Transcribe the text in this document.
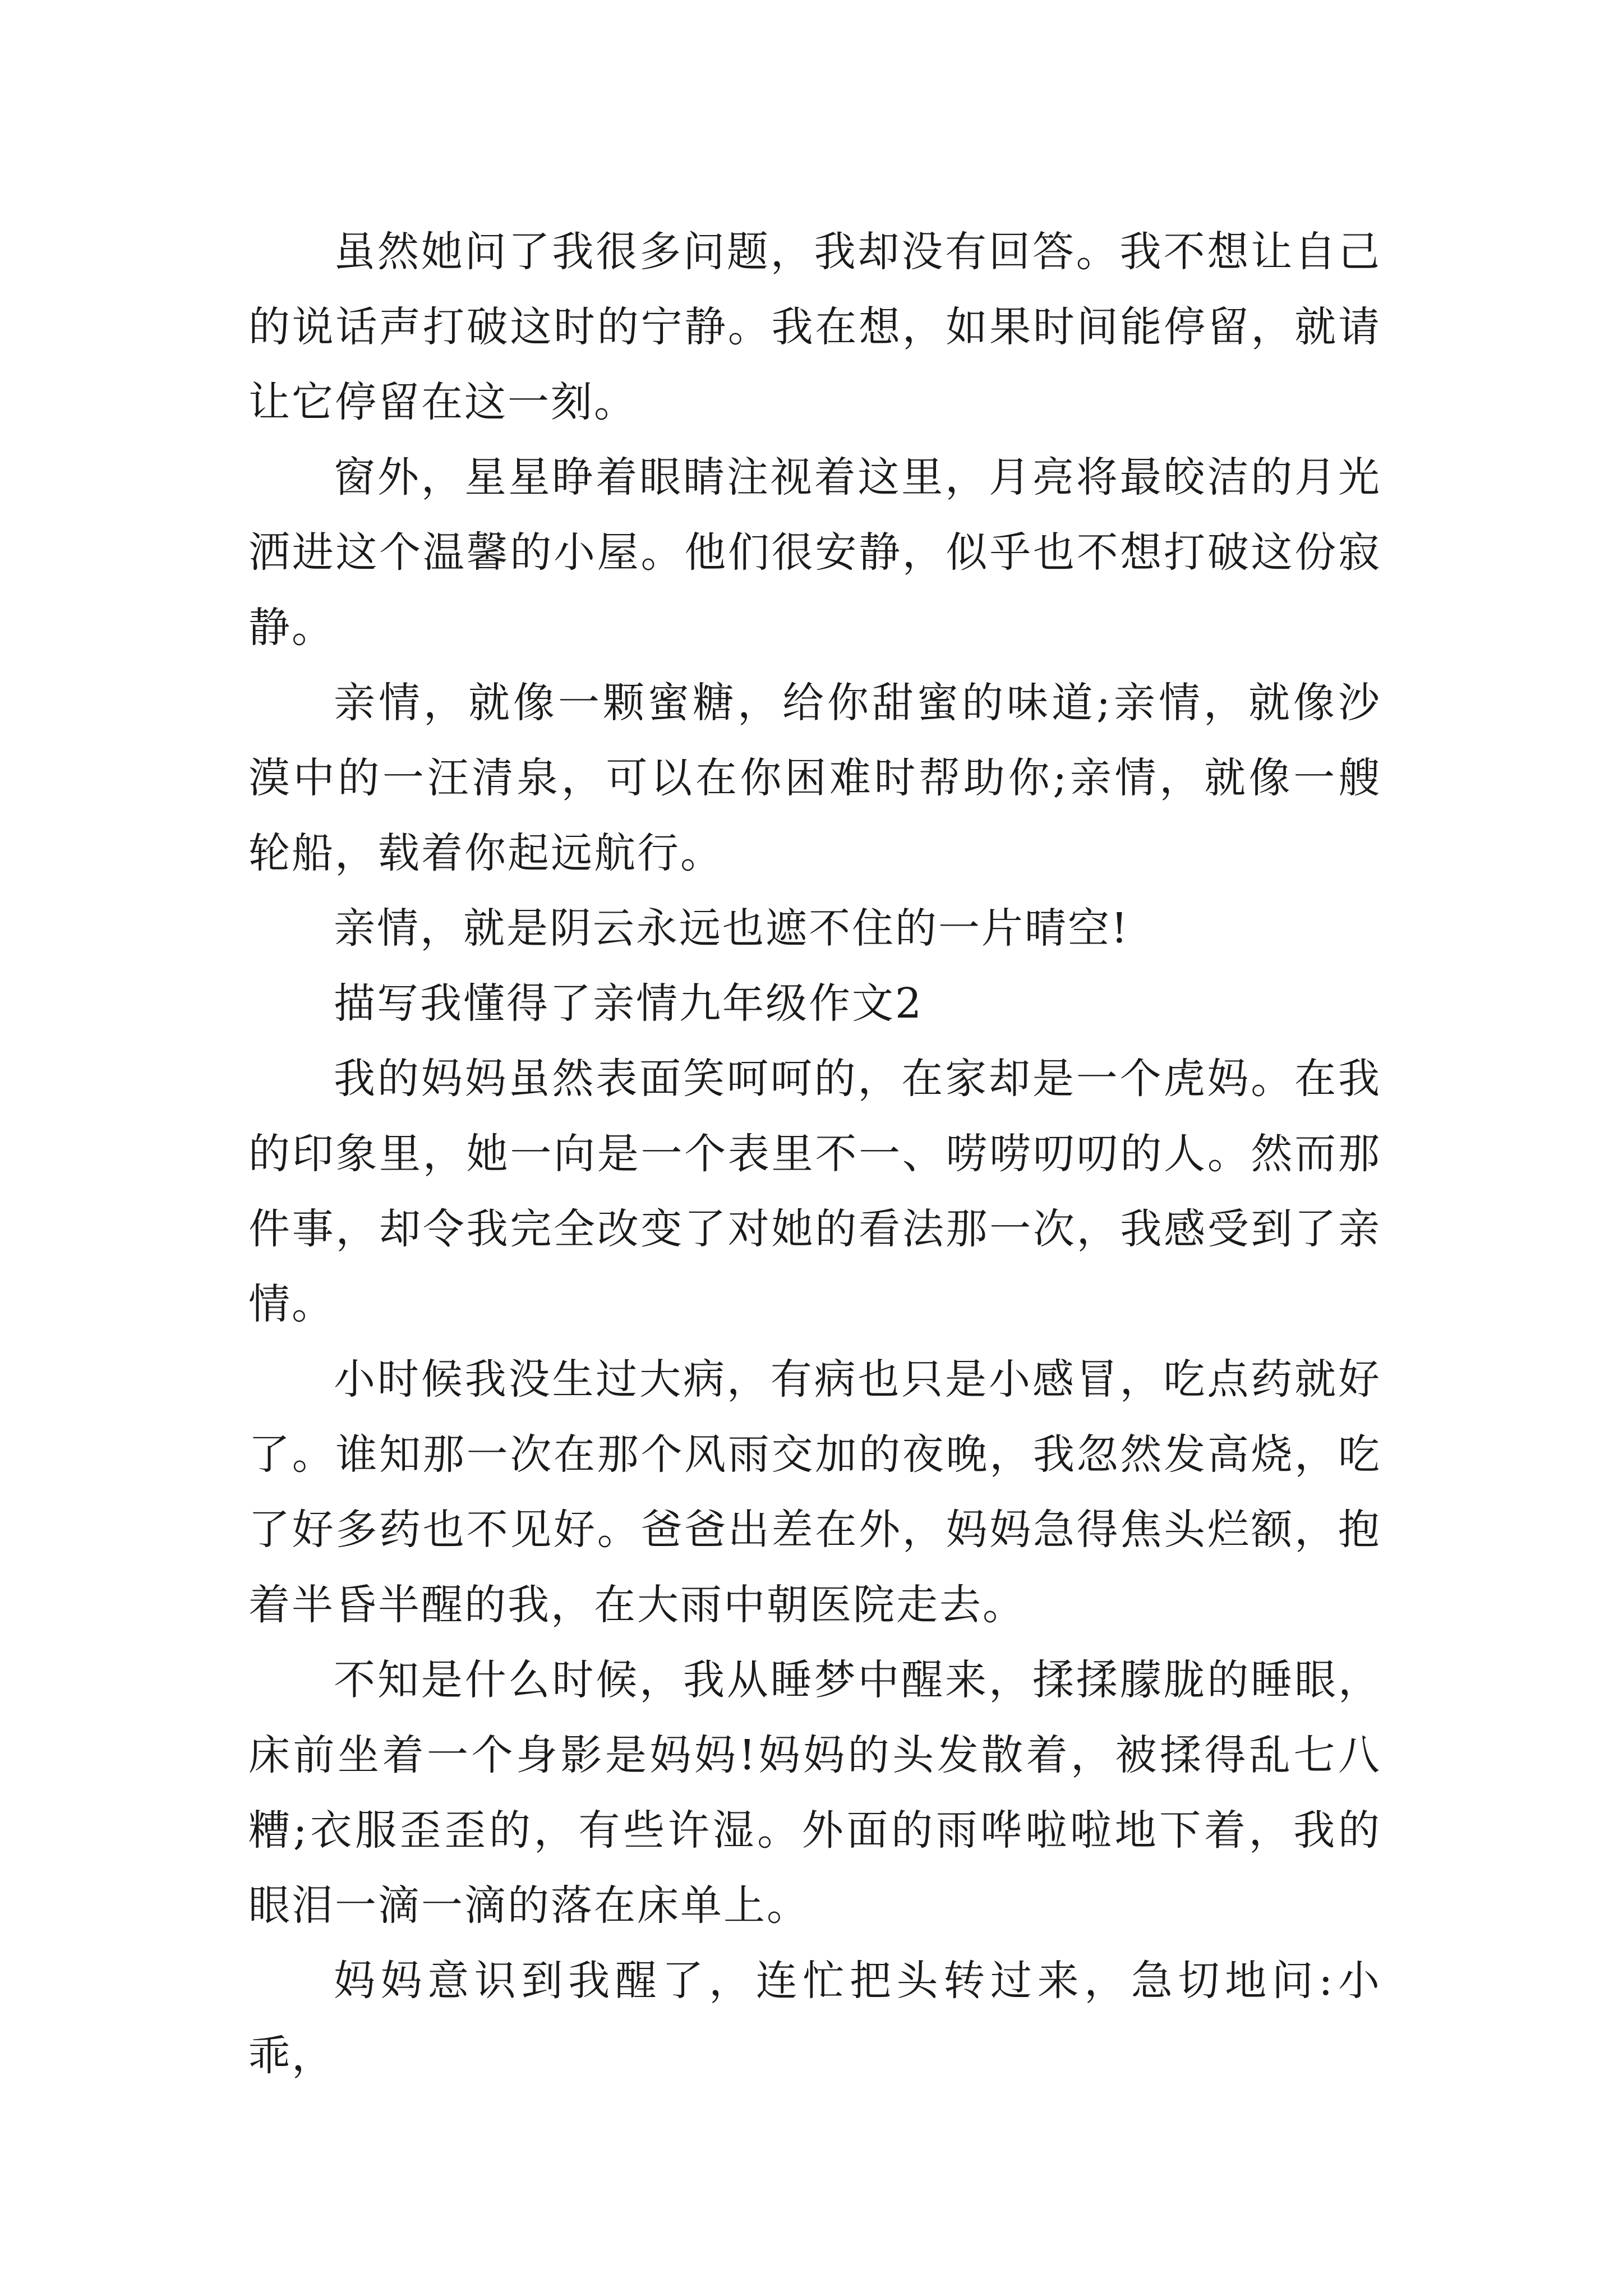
虽然她问了我很多问题，我却没有回答。我不想让自己的说话声打破这时的宁静。我在想，如果时间能停留，就请让它停留在这一刻。

窗外，星星睁着眼睛注视着这里，月亮将最皎洁的月光洒进这个温馨的小屋。他们很安静，似乎也不想打破这份寂静。

亲情，就像一颗蜜糖，给你甜蜜的味道;亲情，就像沙漠中的一汪清泉，可以在你困难时帮助你;亲情，就像一艘轮船，载着你起远航行。

亲情，就是阴云永远也遮不住的一片晴空!

描写我懂得了亲情九年级作文2

我的妈妈虽然表面笑呵呵的，在家却是一个虎妈。在我的印象里，她一向是一个表里不一、唠唠叨叨的人。然而那件事，却令我完全改变了对她的看法那一次，我感受到了亲情。

小时候我没生过大病，有病也只是小感冒，吃点药就好了。谁知那一次在那个风雨交加的夜晚，我忽然发高烧，吃了好多药也不见好。爸爸出差在外，妈妈急得焦头烂额，抱着半昏半醒的我，在大雨中朝医院走去。

不知是什么时候，我从睡梦中醒来，揉揉朦胧的睡眼，床前坐着一个身影是妈妈!妈妈的头发散着，被揉得乱七八糟;衣服歪歪的，有些许湿。外面的雨哗啦啦地下着，我的眼泪一滴一滴的落在床单上。

妈妈意识到我醒了，连忙把头转过来，急切地问:小乖，
